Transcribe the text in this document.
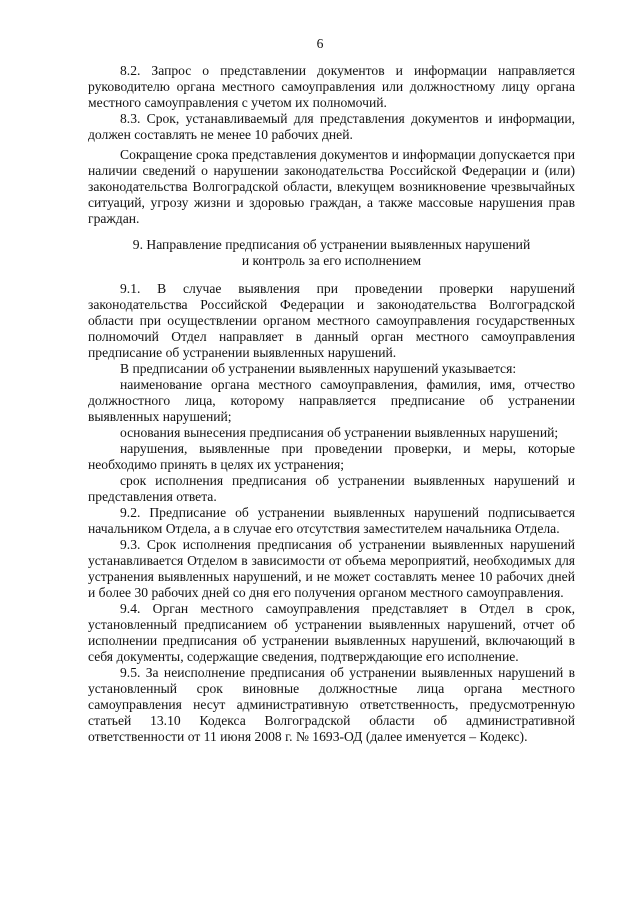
6

8.2. Запрос о представлении документов и информации направляется руководителю органа местного самоуправления или должностному лицу органа местного самоуправления с учетом их полномочий.

8.3. Срок, устанавливаемый для представления документов и информации, должен составлять не менее 10 рабочих дней.

Сокращение срока представления документов и информации допускается при наличии сведений о нарушении законодательства Российской Федерации и (или) законодательства Волгоградской области, влекущем возникновение чрезвычайных ситуаций, угрозу жизни и здоровью граждан, а также массовые нарушения прав граждан.

9. Направление предписания об устранении выявленных нарушений
и контроль за его исполнением

9.1. В случае выявления при проведении проверки нарушений законодательства Российской Федерации и законодательства Волгоградской области при осуществлении органом местного самоуправления государственных полномочий Отдел направляет в данный орган местного самоуправления предписание об устранении выявленных нарушений.

В предписании об устранении выявленных нарушений указывается:

наименование органа местного самоуправления, фамилия, имя, отчество должностного лица, которому направляется предписание об устранении выявленных нарушений;

основания вынесения предписания об устранении выявленных нарушений;

нарушения, выявленные при проведении проверки, и меры, которые необходимо принять в целях их устранения;

срок исполнения предписания об устранении выявленных нарушений и представления ответа.

9.2. Предписание об устранении выявленных нарушений подписывается начальником Отдела, а в случае его отсутствия заместителем начальника Отдела.

9.3. Срок исполнения предписания об устранении выявленных нарушений устанавливается Отделом в зависимости от объема мероприятий, необходимых для устранения выявленных нарушений, и не может составлять менее 10 рабочих дней и более 30 рабочих дней со дня его получения органом местного самоуправления.

9.4. Орган местного самоуправления представляет в Отдел в срок, установленный предписанием об устранении выявленных нарушений, отчет об исполнении предписания об устранении выявленных нарушений, включающий в себя документы, содержащие сведения, подтверждающие его исполнение.

9.5. За неисполнение предписания об устранении выявленных нарушений в установленный срок виновные должностные лица органа местного самоуправления несут административную ответственность, предусмотренную статьей 13.10 Кодекса Волгоградской области об административной ответственности от 11 июня 2008 г. № 1693-ОД (далее именуется – Кодекс).
